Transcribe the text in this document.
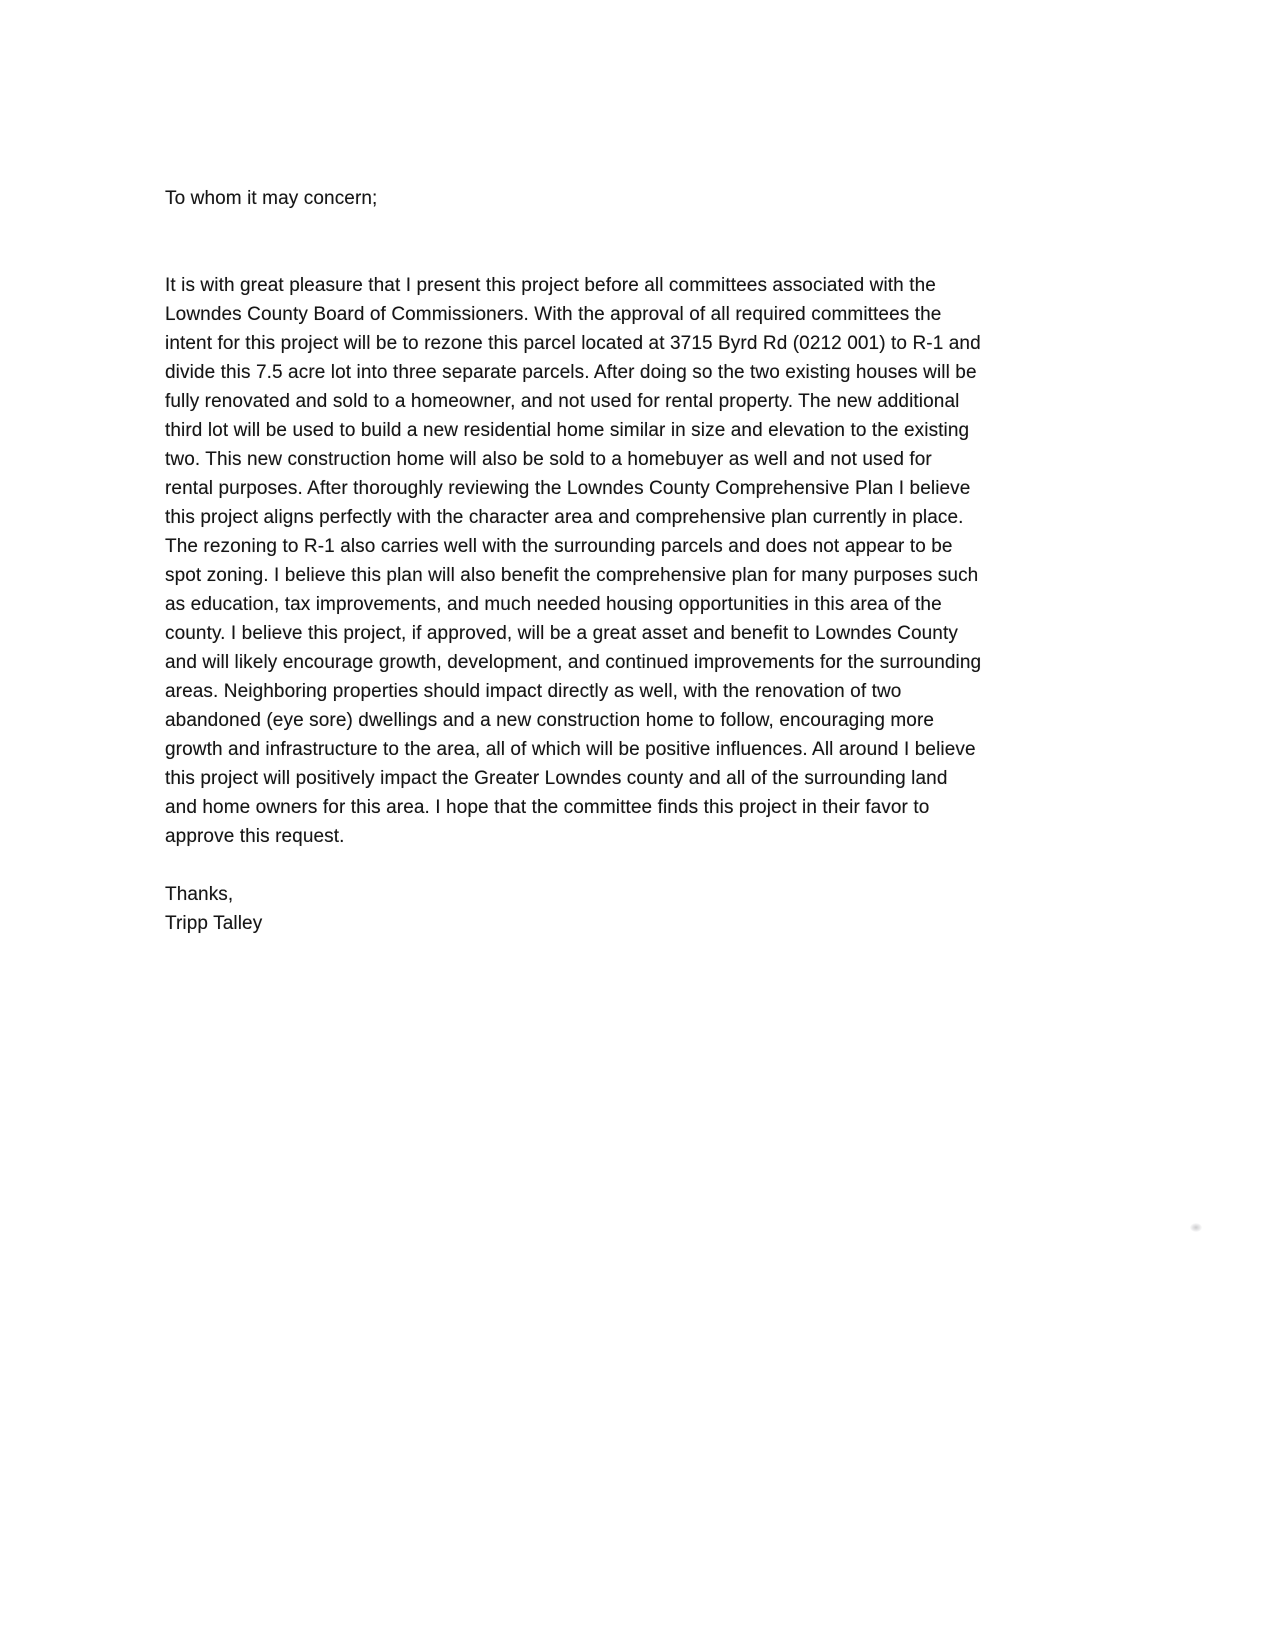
To whom it may concern;
It is with great pleasure that I present this project before all committees associated with the
Lowndes County Board of Commissioners. With the approval of all required committees the
intent for this project will be to rezone this parcel located at 3715 Byrd Rd (0212 001) to R-1 and
divide this 7.5 acre lot into three separate parcels. After doing so the two existing houses will be
fully renovated and sold to a homeowner, and not used for rental property. The new additional
third lot will be used to build a new residential home similar in size and elevation to the existing
two. This new construction home will also be sold to a homebuyer as well and not used for
rental purposes. After thoroughly reviewing the Lowndes County Comprehensive Plan I believe
this project aligns perfectly with the character area and comprehensive plan currently in place.
The rezoning to R-1 also carries well with the surrounding parcels and does not appear to be
spot zoning. I believe this plan will also benefit the comprehensive plan for many purposes such
as education, tax improvements, and much needed housing opportunities in this area of the
county. I believe this project, if approved, will be a great asset and benefit to Lowndes County
and will likely encourage growth, development, and continued improvements for the surrounding
areas. Neighboring properties should impact directly as well, with the renovation of two
abandoned (eye sore) dwellings and a new construction home to follow, encouraging more
growth and infrastructure to the area, all of which will be positive influences. All around I believe
this project will positively impact the Greater Lowndes county and all of the surrounding land
and home owners for this area. I hope that the committee finds this project in their favor to
approve this request.
Thanks,
Tripp Talley
